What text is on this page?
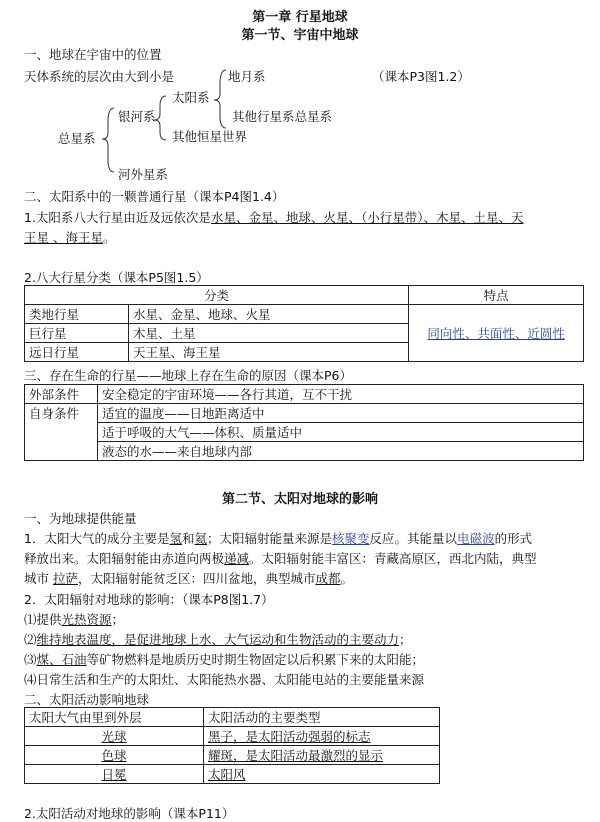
第一章 行星地球
第一节、宇宙中地球
一、地球在宇宙中的位置
天体系统的层次由大到小是	（课本P3图1.2）
地月系
太阳系
其他行星系总星系
银河系
其他恒星世界
总星系
河外星系
二、太阳系中的一颗普通行星（课本P4图1.4）
1.太阳系八大行星由近及远依次是水星、金星、地球、火星、（小行星带）、木星、土星、天
王星 、海王星。
2.八大行星分类（课本P5图1.5）
分类		特点
类地行星	水星、金星、地球、火星	同向性、共面性、近圆性
巨行星	木星、土星	
远日行星	天王星、海王星	
三、存在生命的行星——地球上存在生命的原因（课本P6）
外部条件	安全稳定的宇宙环境——各行其道，互不干扰
自身条件	适宜的温度——日地距离适中
	适于呼吸的大气——体积、质量适中
	液态的水——来自地球内部
第二节、太阳对地球的影响
一、为地球提供能量
1．太阳大气的成分主要是氢和氦；太阳辐射能量来源是核聚变反应。其能量以电磁波的形式
释放出来。太阳辐射能由赤道向两极递减。太阳辐射能丰富区：青藏高原区，西北内陆，典型
城市 拉萨，太阳辐射能贫乏区：四川盆地，典型城市成都。
2．太阳辐射对地球的影响：（课本P8图1.7）
⑴提供光热资源；
⑵维持地表温度，是促进地球上水、大气运动和生物活动的主要动力；
⑶煤、石油等矿物燃料是地质历史时期生物固定以后积累下来的太阳能；
⑷日常生活和生产的太阳灶、太阳能热水器、太阳能电站的主要能量来源
二、太阳活动影响地球
太阳大气由里到外层	太阳活动的主要类型
光球	黑子，是太阳活动强弱的标志
色球	耀斑，是太阳活动最激烈的显示
日冕	太阳风
2.太阳活动对地球的影响（课本P11）
